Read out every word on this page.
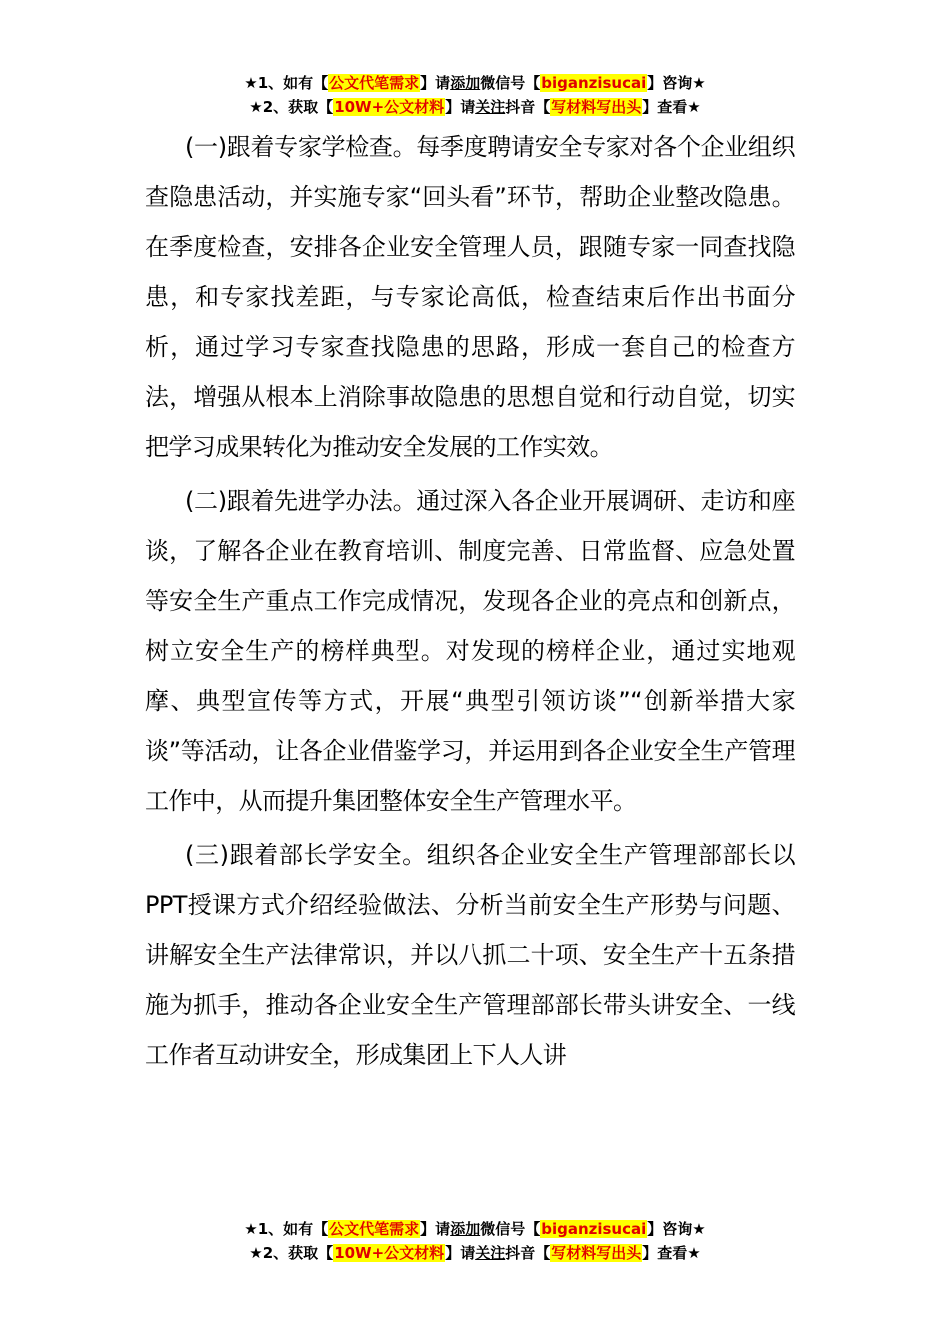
★1、如有【公文代笔需求】请添加微信号【biganzisucai】咨询★
★2、获取【10W+公文材料】请关注抖音【写材料写出头】查看★

(一)跟着专家学检查。每季度聘请安全专家对各个企业组织查隐患活动，并实施专家“回头看”环节，帮助企业整改隐患。在季度检查，安排各企业安全管理人员，跟随专家一同查找隐患，和专家找差距，与专家论高低，检查结束后作出书面分析，通过学习专家查找隐患的思路，形成一套自己的检查方法，增强从根本上消除事故隐患的思想自觉和行动自觉，切实把学习成果转化为推动安全发展的工作实效。

(二)跟着先进学办法。通过深入各企业开展调研、走访和座谈，了解各企业在教育培训、制度完善、日常监督、应急处置等安全生产重点工作完成情况，发现各企业的亮点和创新点，树立安全生产的榜样典型。对发现的榜样企业，通过实地观摩、典型宣传等方式，开展“典型引领访谈”“创新举措大家谈”等活动，让各企业借鉴学习，并运用到各企业安全生产管理工作中，从而提升集团整体安全生产管理水平。

(三)跟着部长学安全。组织各企业安全生产管理部部长以PPT授课方式介绍经验做法、分析当前安全生产形势与问题、讲解安全生产法律常识，并以八抓二十项、安全生产十五条措施为抓手，推动各企业安全生产管理部部长带头讲安全、一线工作者互动讲安全，形成集团上下人人讲

★1、如有【公文代笔需求】请添加微信号【biganzisucai】咨询★
★2、获取【10W+公文材料】请关注抖音【写材料写出头】查看★
